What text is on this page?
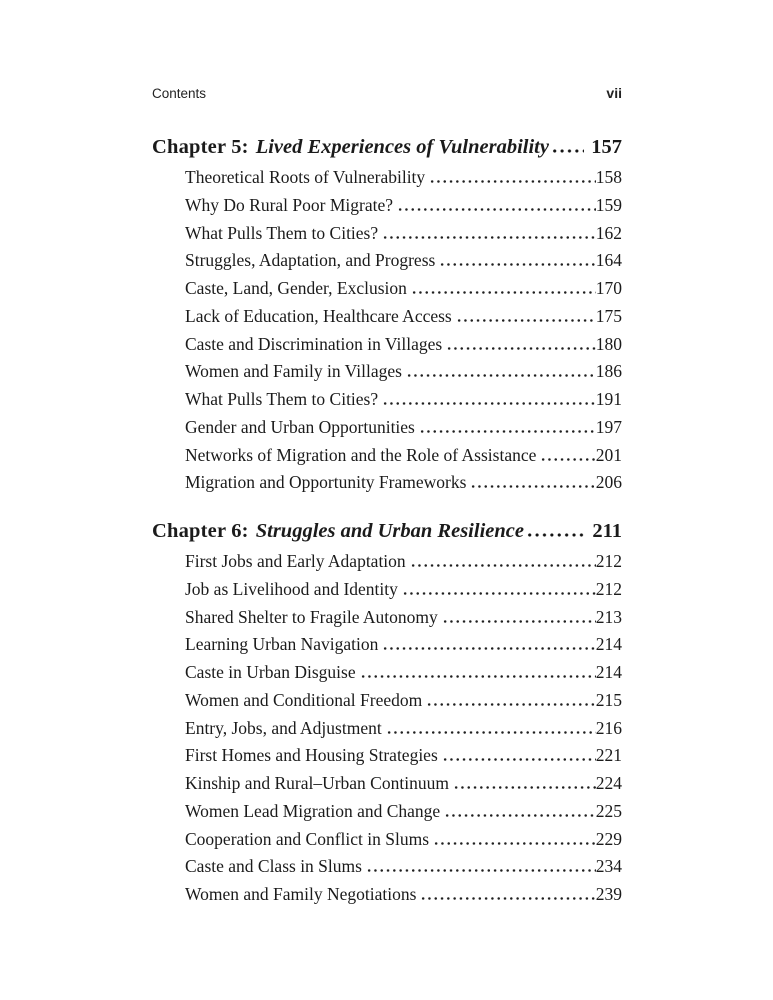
Contents	vii
Chapter 5: Lived Experiences of Vulnerability 157
Theoretical Roots of Vulnerability	158
Why Do Rural Poor Migrate?	159
What Pulls Them to Cities?	162
Struggles, Adaptation, and Progress	164
Caste, Land, Gender, Exclusion	170
Lack of Education, Healthcare Access	175
Caste and Discrimination in Villages	180
Women and Family in Villages	186
What Pulls Them to Cities?	191
Gender and Urban Opportunities	197
Networks of Migration and the Role of Assistance	201
Migration and Opportunity Frameworks	206
Chapter 6: Struggles and Urban Resilience	211
First Jobs and Early Adaptation	212
Job as Livelihood and Identity	212
Shared Shelter to Fragile Autonomy	213
Learning Urban Navigation	214
Caste in Urban Disguise	214
Women and Conditional Freedom	215
Entry, Jobs, and Adjustment	216
First Homes and Housing Strategies	221
Kinship and Rural–Urban Continuum	224
Women Lead Migration and Change	225
Cooperation and Conflict in Slums	229
Caste and Class in Slums	234
Women and Family Negotiations	239
